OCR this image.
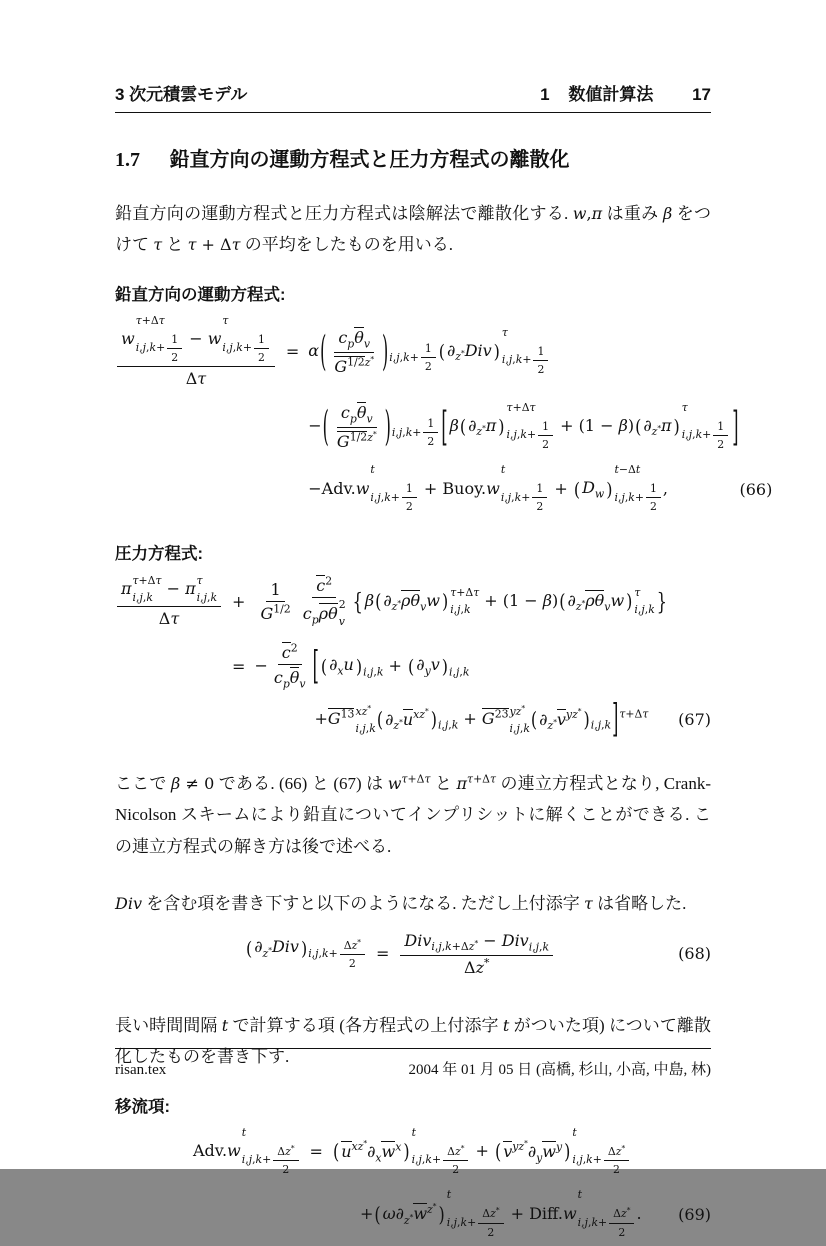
3 次元積雲モデル	1 数値計算法 17
1.7 鉛直方向の運動方程式と圧力方程式の離散化

鉛直方向の運動方程式と圧力方程式は陰解法で離散化する. w,π は重み β をつけて τ と τ + Δτ の平均をしたものを用いる.

鉛直方向の運動方程式:
w
τ+Δτ
$i,j,k+ \frac{1}{2} - w$
τ
$i,j,k+ \frac{1}{2}$
Δτ
	=	α ( $c_p\theta_v$
$G^{1/2z^*}$ ) $_{i,j,k+ \frac{1}{2}}$ ( $\partial_{z^*}Div$ )
τ
$i,j,k+ \frac{1}{2}$

		− ( $c_p\theta_v$
$G^{1/2z^*}$ ) $_{i,j,k+ \frac{1}{2}}$ [ β ( $\partial_{z^*}\pi$ )
τ+Δτ
$i,j,k+ \frac{1}{2} + (1 - \beta)$ ( $\partial_{z^*}\pi$ )
τ
$i,j,k+ \frac{1}{2}$ ]

		−Adv.w
t
$i,j,k+ \frac{1}{2}$ + Buoy.w
t
$i,j,k+ \frac{1}{2}$ + ( $D_w$ )
t−Δt
$i,j,k+ \frac{1}{2}$ ,	(66)
圧力方程式:
π τ+Δτ
i,j,k − π τ
i,j,k
Δτ
	+	$\frac{1}{G^{1/2}} c^2$
$c_p\rho\theta$ 2
v
{ β ( $\partial_{z^*}\rho\theta_vw$ ) τ+Δτ
i,j,k + (1 − β) ( $\partial_{z^*}\rho\theta_vw$ ) τ
i,j,k }

	=	−
$c^2$
$c_p\theta_v$ [ ( $\partial_xu$ ) $_{i,j,k}$ + ( $\partial_yv$ ) $_{i,j,k}$	
		$+G^{13}$ xz*
i,j,k ( $\partial_{z^*}u^{xz^*}$ ) $_{i,j,k} + G^{23}$ yz*
i,j,k ( $\partial_{z^*}v^{yz^*}$ ) $_{i,j,k}$]$^{\tau+\Delta\tau}$	(67)

ここで β ≠ 0 である. (66) と (67) は $w^{\tau+\Delta\tau}$ と $\pi^{\tau+\Delta\tau}$ の連立方程式となり, Crank-Nicolson スキームにより鉛直についてインプリシットに解くことができる. この連立方程式の解き方は後で述べる.

Div を含む項を書き下すと以下のようになる. ただし上付添字 τ は省略した.

( $\partial_{z^*}Div$ ) $_{i,j,k+ \frac{\Delta z^*}{2}}$	=	
Div$_{i,j,k+\Delta z^*}$ − Div$_{i,j,k}$
Δz*	(68)

長い時間間隔 t で計算する項 (各方程式の上付添字 t がついた項) について離散化したものを書き下す.

移流項:
Adv.w
t
$i,j,k+ \frac{\Delta z^*}{2}$	=	( $u^{xz^*}\partial_xw^x$ )
t
$i,j,k+ \frac{\Delta z^*}{2}$ + ( $v^{yz^*}\partial_yw^y$ )
t
$i,j,k+ \frac{\Delta z^*}{2}$

		+ ( $\omega\partial_{z^*}w^{z^*}$ )
t
$i,j,k+ \frac{\Delta z^*}{2}$ + Diff.w
t
$i,j,k+ \frac{\Delta z^*}{2}$ .	(69)
risan.tex	2004 年 01 月 05 日 (高橋, 杉山, 小高, 中島, 林)
